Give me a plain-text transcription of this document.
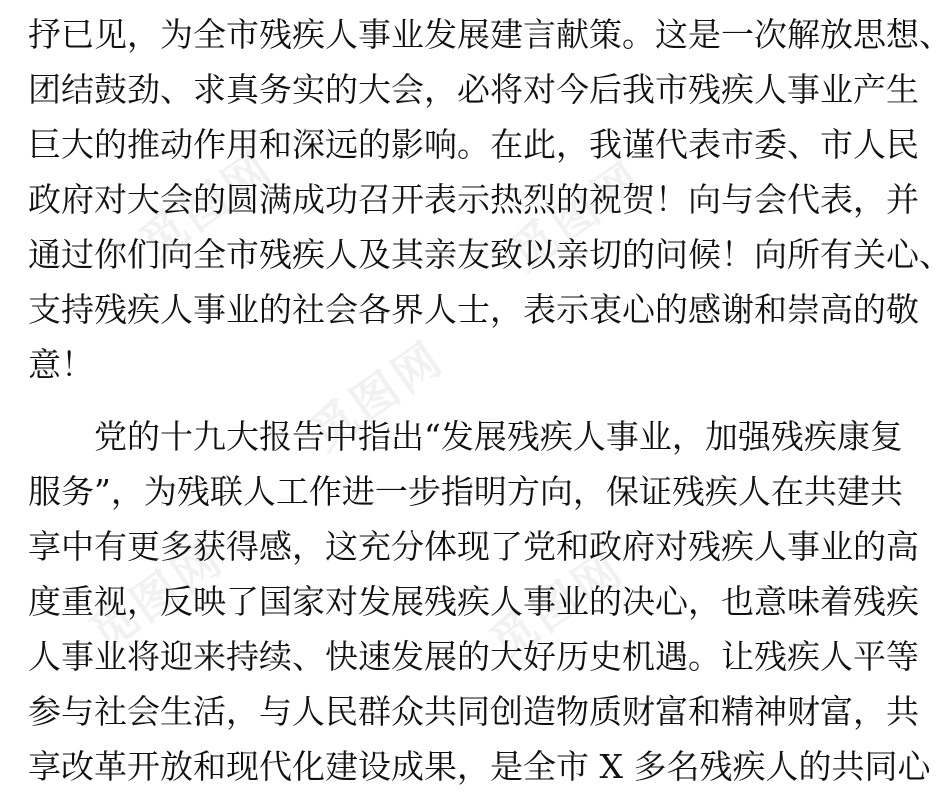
觅图网	觅图网
觅图网
觅图网	觅图网
抒已见，为全市残疾人事业发展建言献策。这是一次解放思想、
团结鼓劲、求真务实的大会，必将对今后我市残疾人事业产生
巨大的推动作用和深远的影响。在此，我谨代表市委、市人民
政府对大会的圆满成功召开表示热烈的祝贺！向与会代表，并
通过你们向全市残疾人及其亲友致以亲切的问候！向所有关心、
支持残疾人事业的社会各界人士，表示衷心的感谢和崇高的敬
意！
党的十九大报告中指出“发展残疾人事业，加强残疾康复
服务”，为残联人工作进一步指明方向，保证残疾人在共建共
享中有更多获得感，这充分体现了党和政府对残疾人事业的高
度重视，反映了国家对发展残疾人事业的决心，也意味着残疾
人事业将迎来持续、快速发展的大好历史机遇。让残疾人平等
参与社会生活，与人民群众共同创造物质财富和精神财富，共
享改革开放和现代化建设成果，是全市 X 多名残疾人的共同心
